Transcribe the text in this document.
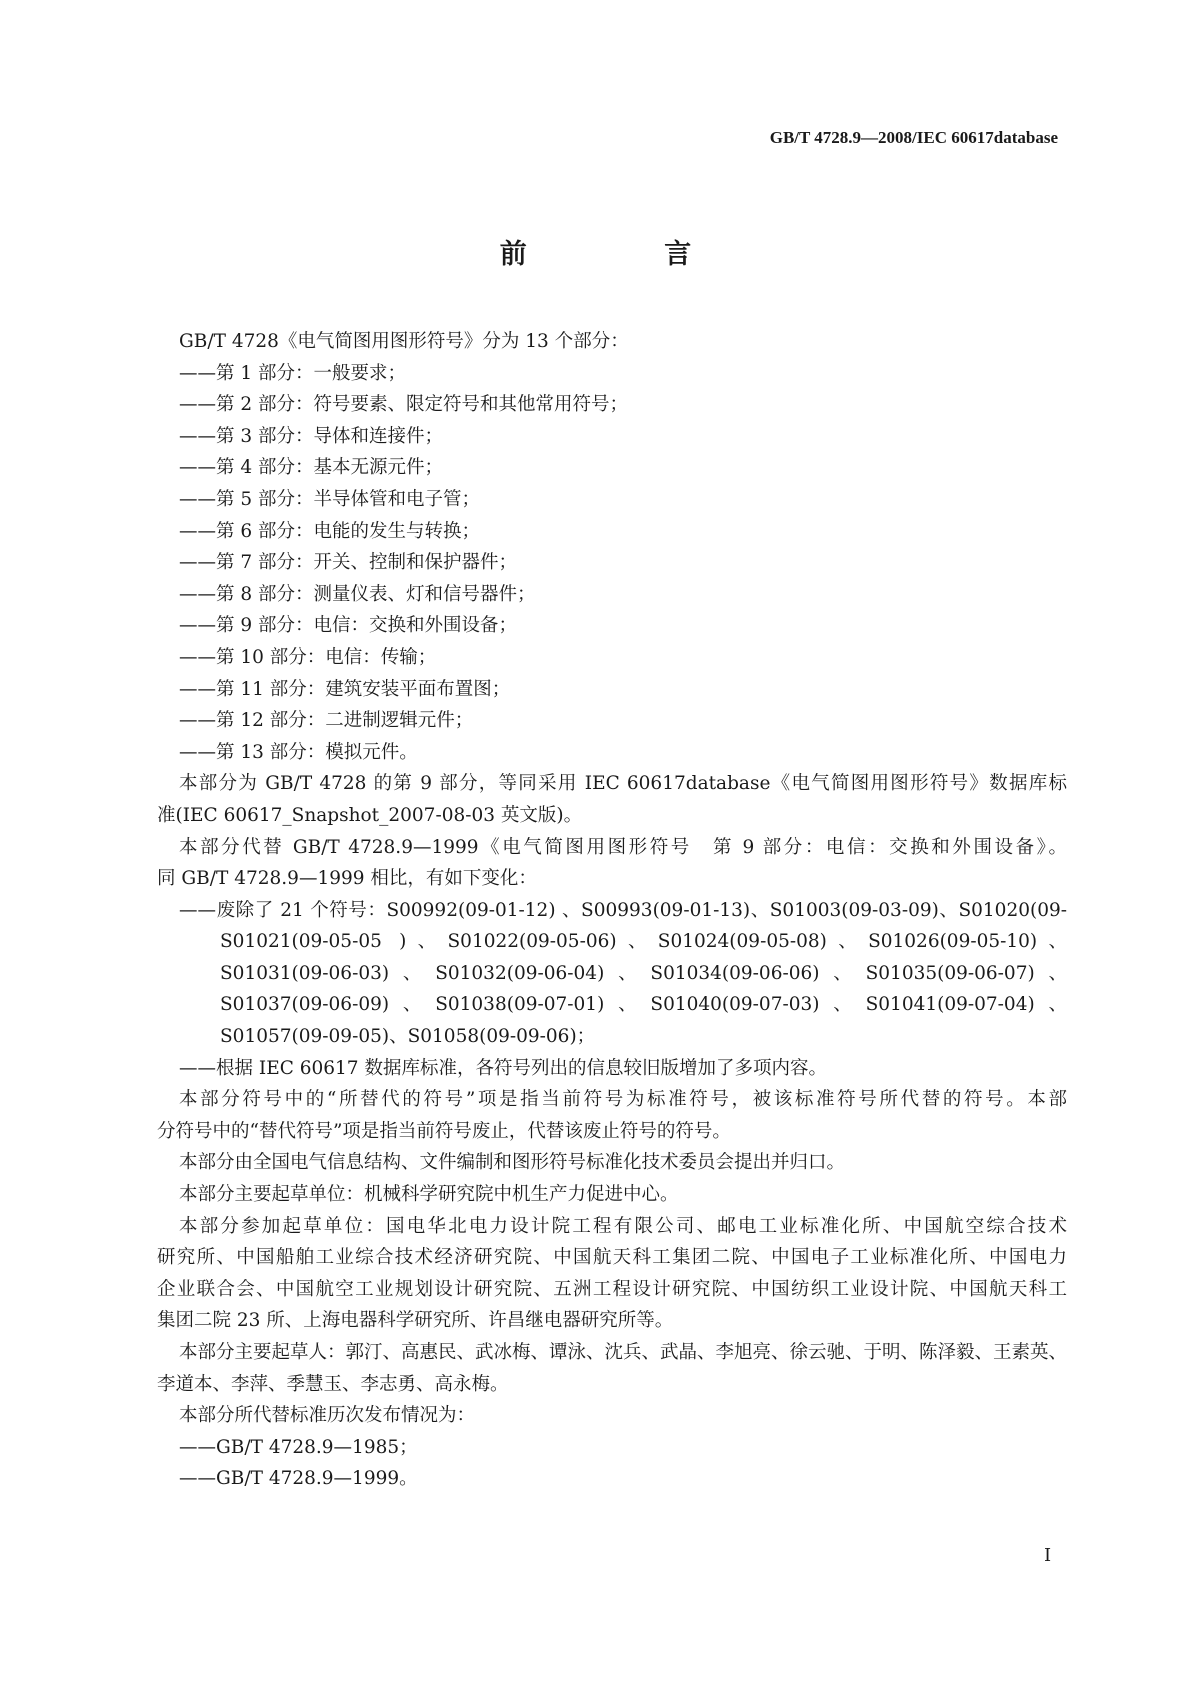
GB/T 4728.9—2008/IEC 60617database
前 言
GB/T 4728《电气简图用图形符号》分为 13 个部分：
——第 1 部分：一般要求；
——第 2 部分：符号要素、限定符号和其他常用符号；
——第 3 部分：导体和连接件；
——第 4 部分：基本无源元件；
——第 5 部分：半导体管和电子管；
——第 6 部分：电能的发生与转换；
——第 7 部分：开关、控制和保护器件；
——第 8 部分：测量仪表、灯和信号器件；
——第 9 部分：电信：交换和外围设备；
——第 10 部分：电信：传输；
——第 11 部分：建筑安装平面布置图；
——第 12 部分：二进制逻辑元件；
——第 13 部分：模拟元件。
本部分为 GB/T 4728 的第 9 部分，等同采用 IEC 60617database《电气简图用图形符号》数据库标
准(IEC 60617_Snapshot_2007-08-03 英文版)。
本部分代替 GB/T 4728.9—1999《电气简图用图形符号　第 9 部分：电信：交换和外围设备》。
同 GB/T 4728.9—1999 相比，有如下变化：
——废除了 21 个符号：S00992(09-01-12) 、S00993(09-01-13)、S01003(09-03-09)、S01020(09-
S01021(09-05-05 )、S01022(09-05-06)、S01024(09-05-08)、S01026(09-05-10)、
S01031(09-06-03)、S01032(09-06-04)、S01034(09-06-06)、S01035(09-06-07)、
S01037(09-06-09)、S01038(09-07-01)、S01040(09-07-03)、S01041(09-07-04)、
S01057(09-09-05)、S01058(09-09-06)；
——根据 IEC 60617 数据库标准，各符号列出的信息较旧版增加了多项内容。
本部分符号中的“所替代的符号”项是指当前符号为标准符号，被该标准符号所代替的符号。本部
分符号中的“替代符号”项是指当前符号废止，代替该废止符号的符号。
本部分由全国电气信息结构、文件编制和图形符号标准化技术委员会提出并归口。
本部分主要起草单位：机械科学研究院中机生产力促进中心。
本部分参加起草单位：国电华北电力设计院工程有限公司、邮电工业标准化所、中国航空综合技术
研究所、中国船舶工业综合技术经济研究院、中国航天科工集团二院、中国电子工业标准化所、中国电力
企业联合会、中国航空工业规划设计研究院、五洲工程设计研究院、中国纺织工业设计院、中国航天科工
集团二院 23 所、上海电器科学研究所、许昌继电器研究所等。
本部分主要起草人：郭汀、高惠民、武冰梅、谭泳、沈兵、武晶、李旭亮、徐云驰、于明、陈泽毅、王素英、
李道本、李萍、季慧玉、李志勇、高永梅。
本部分所代替标准历次发布情况为：
——GB/T 4728.9—1985；
——GB/T 4728.9—1999。
I
